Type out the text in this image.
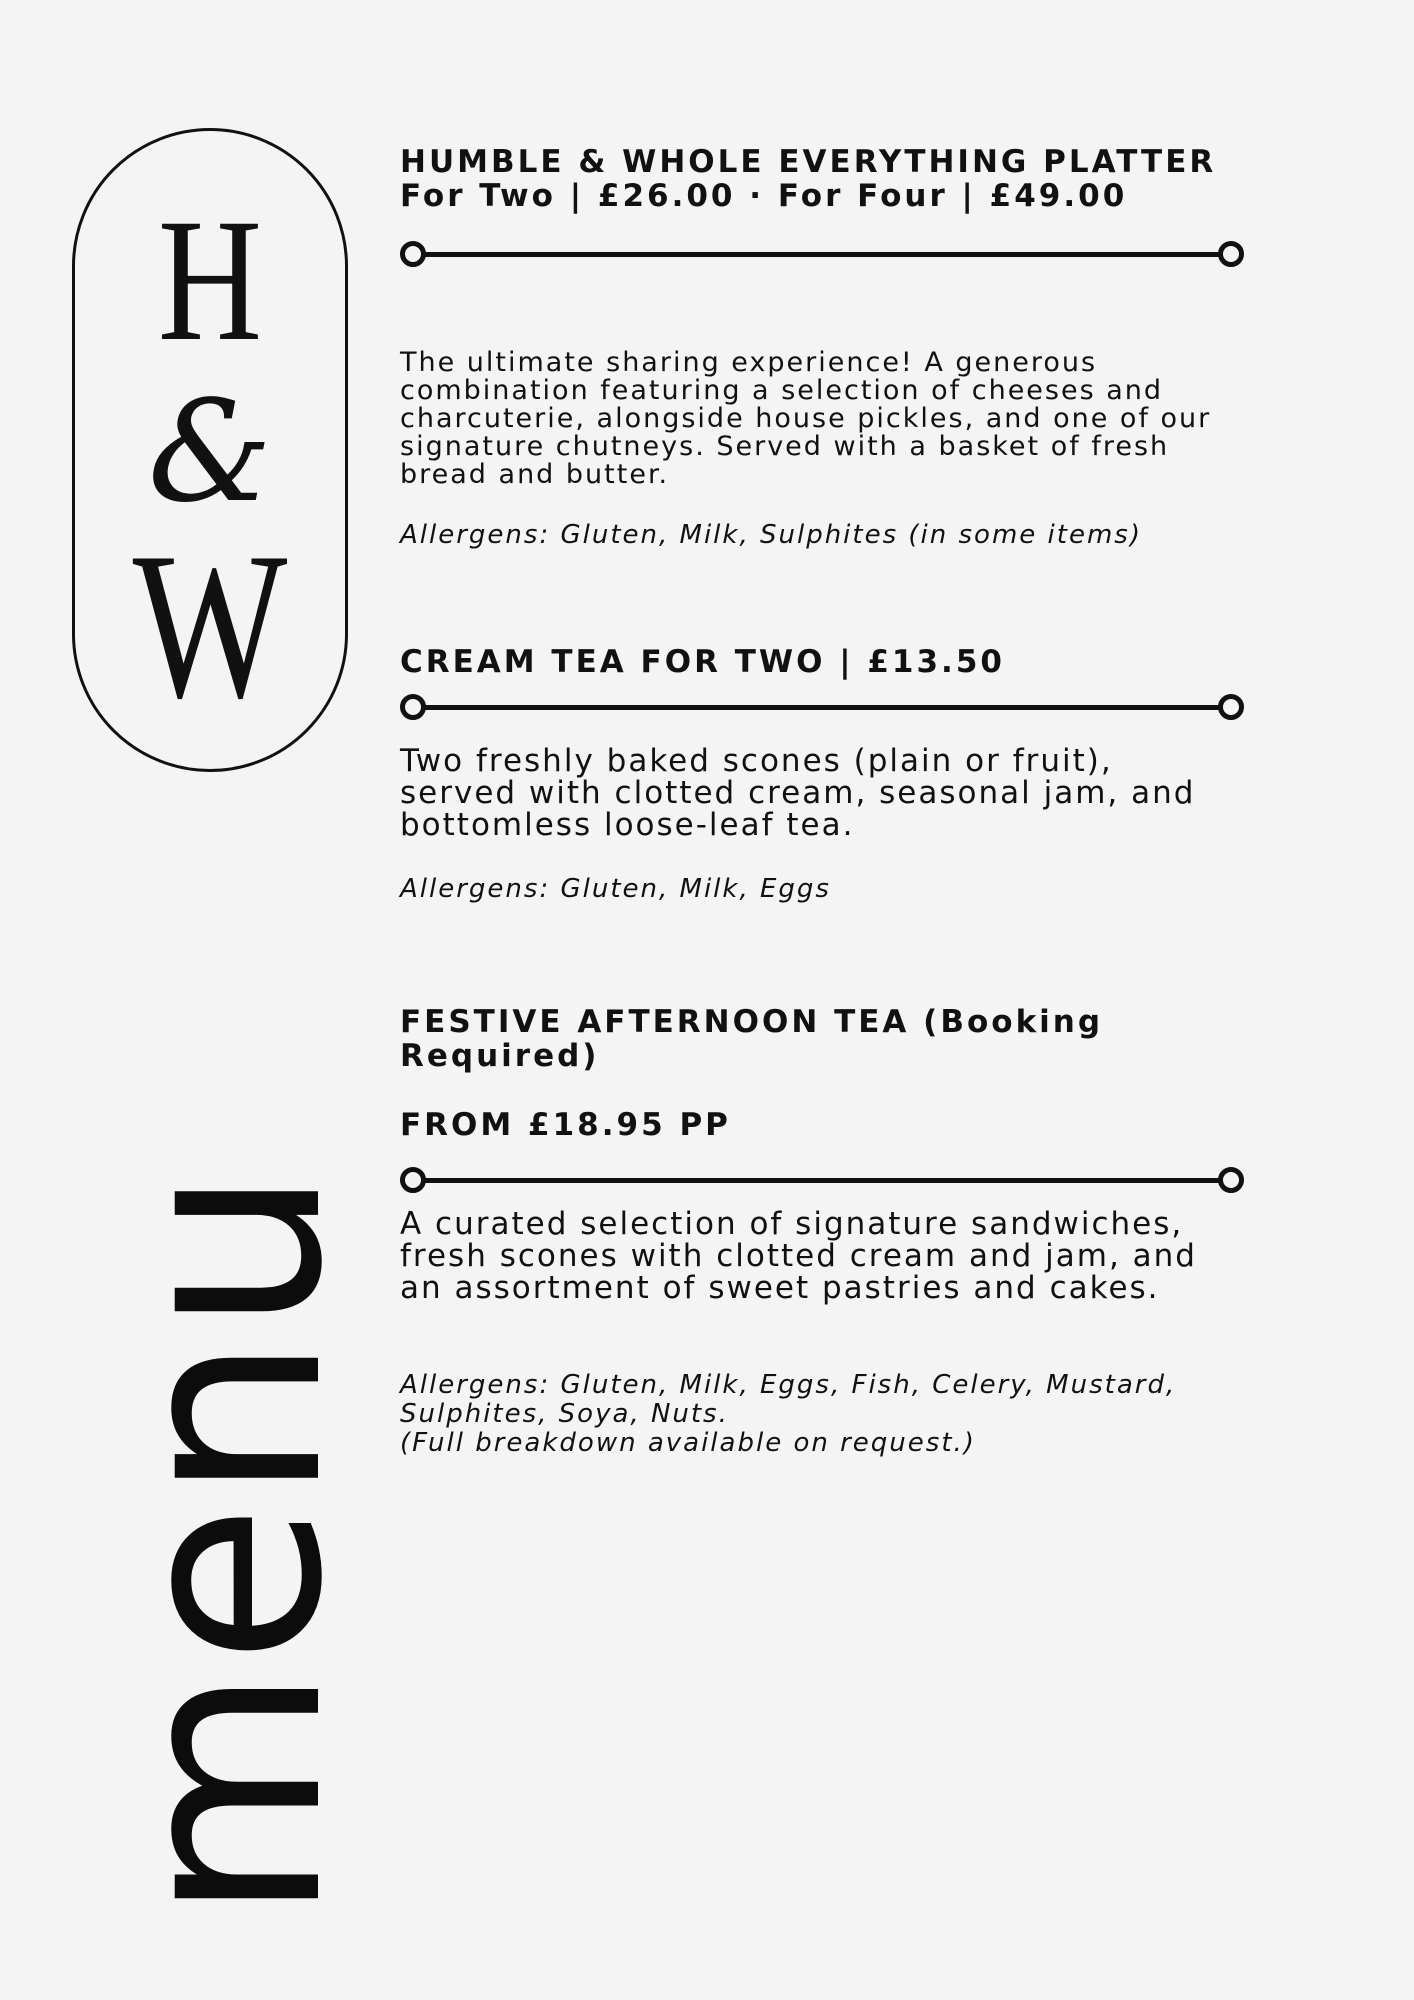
H
&
W
menu
HUMBLE & WHOLE EVERYTHING PLATTER
For Two | £26.00 · For Four | £49.00

The ultimate sharing experience! A generous
combination featuring a selection of cheeses and
charcuterie, alongside house pickles, and one of our
signature chutneys. Served with a basket of fresh
bread and butter.

Allergens: Gluten, Milk, Sulphites (in some items)

CREAM TEA FOR TWO | £13.50

Two freshly baked scones (plain or fruit),
served with clotted cream, seasonal jam, and
bottomless loose-leaf tea.

Allergens: Gluten, Milk, Eggs

FESTIVE AFTERNOON TEA (Booking Required)
FROM £18.95 PP

A curated selection of signature sandwiches,
fresh scones with clotted cream and jam, and
an assortment of sweet pastries and cakes.

Allergens: Gluten, Milk, Eggs, Fish, Celery, Mustard,
Sulphites, Soya, Nuts.
(Full breakdown available on request.)
